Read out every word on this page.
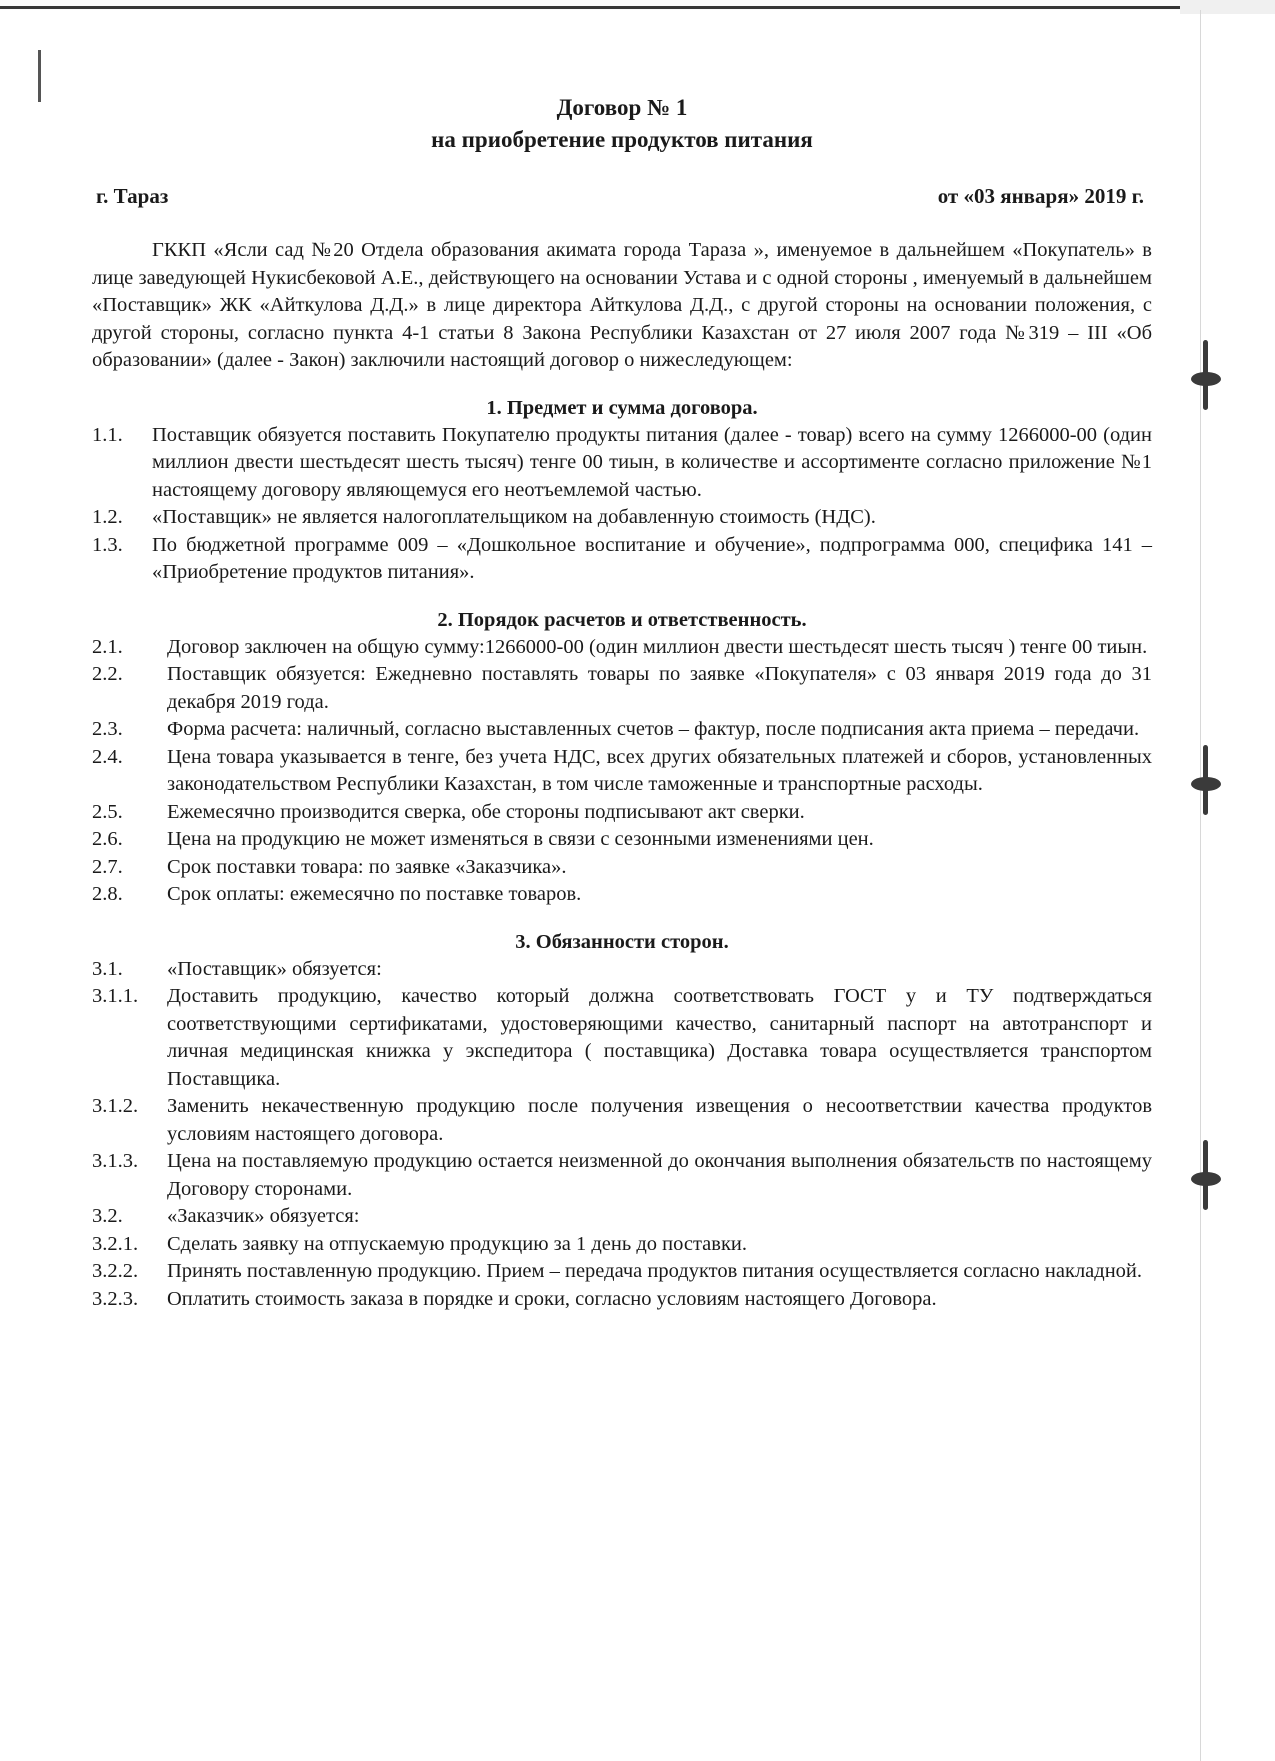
Договор № 1

на приобретение продуктов питания

г. Тараз	от «03 января» 2019 г.
ГККП «Ясли сад №20 Отдела образования акимата города Тараза », именуемое в дальнейшем «Покупатель» в лице заведующей Нукисбековой А.Е., действующего на основании Устава и с одной стороны , именуемый в дальнейшем «Поставщик» ЖК «Айткулова Д.Д.» в лице директора Айткулова Д.Д., с другой стороны на основании положения, с другой стороны, согласно пункта 4-1 статьи 8 Закона Республики Казахстан от 27 июля 2007 года №319 – III «Об образовании» (далее - Закон) заключили настоящий договор о нижеследующем:
1. Предмет и сумма договора.
1.1.	Поставщик обязуется поставить Покупателю продукты питания (далее - товар) всего на сумму 1266000-00 (один миллион двести шестьдесят шесть тысяч) тенге 00 тиын, в количестве и ассортименте согласно приложение №1 настоящему договору являющемуся его неотъемлемой частью.
1.2.	«Поставщик» не является налогоплательщиком на добавленную стоимость (НДС).
1.3.	По бюджетной программе 009 – «Дошкольное воспитание и обучение», подпрограмма 000, специфика 141 – «Приобретение продуктов питания».
2. Порядок расчетов и ответственность.
2.1.	Договор заключен на общую сумму:1266000-00 (один миллион двести шестьдесят шесть тысяч ) тенге 00 тиын.
2.2.	Поставщик обязуется: Ежедневно поставлять товары по заявке «Покупателя» с 03 января 2019 года до 31 декабря 2019 года.
2.3.	Форма расчета: наличный, согласно выставленных счетов – фактур, после подписания акта приема – передачи.
2.4.	Цена товара указывается в тенге, без учета НДС, всех других обязательных платежей и сборов, установленных законодательством Республики Казахстан, в том числе таможенные и транспортные расходы.
2.5.	Ежемесячно производится сверка, обе стороны подписывают акт сверки.
2.6.	Цена на продукцию не может изменяться в связи с сезонными изменениями цен.
2.7.	Срок поставки товара: по заявке «Заказчика».
2.8.	Срок оплаты: ежемесячно по поставке товаров.
3. Обязанности сторон.
3.1.	«Поставщик» обязуется:
3.1.1.	Доставить продукцию, качество который должна соответствовать ГОСТ у и ТУ подтверждаться соответствующими сертификатами, удостоверяющими качество, санитарный паспорт на автотранспорт и личная медицинская книжка у экспедитора ( поставщика) Доставка товара осуществляется транспортом Поставщика.
3.1.2.	Заменить некачественную продукцию после получения извещения о несоответствии качества продуктов условиям настоящего договора.
3.1.3.	Цена на поставляемую продукцию остается неизменной до окончания выполнения обязательств по настоящему Договору сторонами.
3.2.	«Заказчик» обязуется:
3.2.1.	Сделать заявку на отпускаемую продукцию за 1 день до поставки.
3.2.2.	Принять поставленную продукцию. Прием – передача продуктов питания осуществляется согласно накладной.
3.2.3.	Оплатить стоимость заказа в порядке и сроки, согласно условиям настоящего Договора.
